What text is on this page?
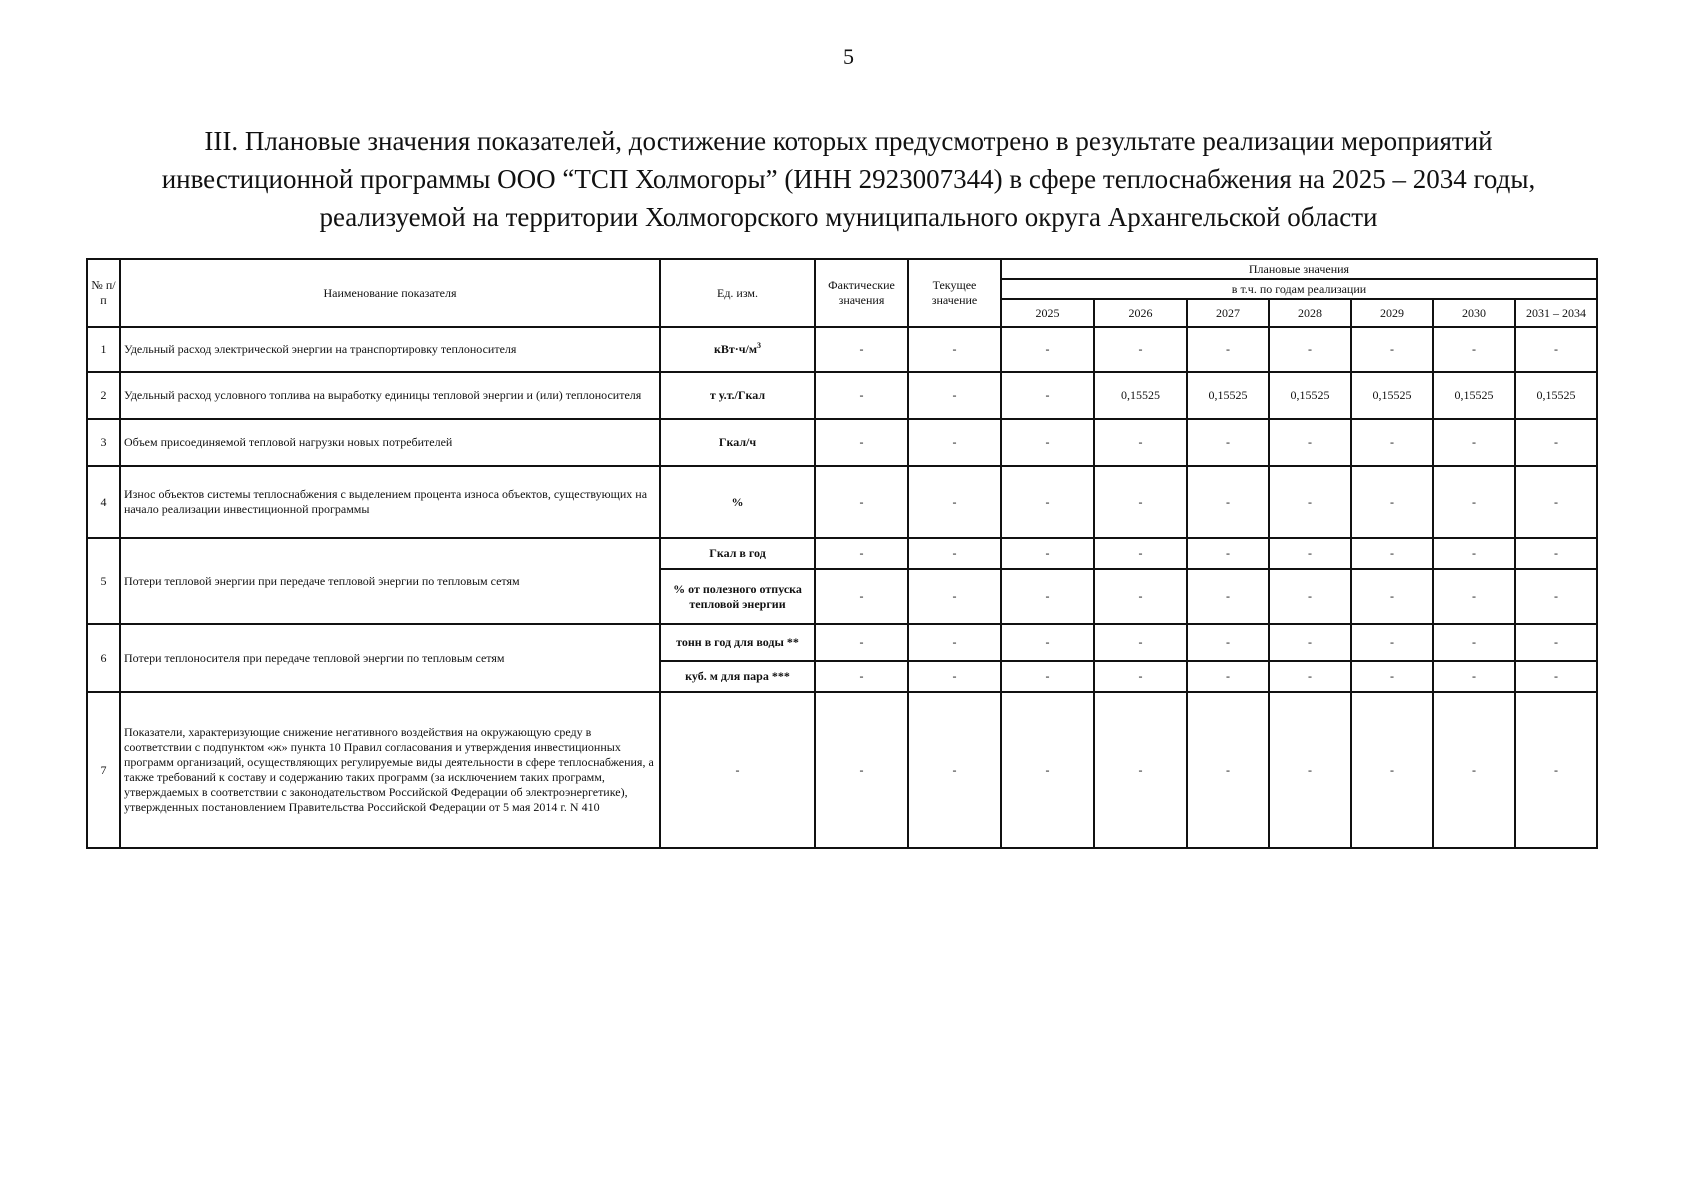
5
III. Плановые значения показателей, достижение которых предусмотрено в результате реализации мероприятий
инвестиционной программы ООО “ТСП Холмогоры” (ИНН 2923007344) в сфере теплоснабжения на 2025 – 2034 годы,
реализуемой на территории Холмогорского муниципального округа Архангельской области
№ п/п	Наименование показателя	Ед. изм.	Фактические значения	Текущее значение	Плановые значения						
					в т.ч. по годам реализации						
					2025	2026	2027	2028	2029	2030	2031 – 2034
1	Удельный расход электрической энергии на транспортировку теплоносителя	$кВт\cdot ч/м^3$	-	-	-	-	-	-	-	-	-
2	Удельный расход условного топлива на выработку единицы тепловой энергии и (или) теплоносителя	т у.т./Гкал	-	-	-	0,15525	0,15525	0,15525	0,15525	0,15525	0,15525
3	Объем присоединяемой тепловой нагрузки новых потребителей	Гкал/ч	-	-	-	-	-	-	-	-	-
4	Износ объектов системы теплоснабжения с выделением процента износа объектов, существующих на начало реализации инвестиционной программы	%	-	-	-	-	-	-	-	-	-
5	Потери тепловой энергии при передаче тепловой энергии по тепловым сетям	Гкал в год	-	-	-	-	-	-	-	-	-
		% от полезного отпуска тепловой энергии	-	-	-	-	-	-	-	-	-
6	Потери теплоносителя при передаче тепловой энергии по тепловым сетям	тонн в год для воды **	-	-	-	-	-	-	-	-	-
		куб. м для пара ***	-	-	-	-	-	-	-	-	-
7	Показатели, характеризующие снижение негативного воздействия на окружающую среду в соответствии с подпунктом «ж» пункта 10 Правил согласования и утверждения инвестиционных программ организаций, осуществляющих регулируемые виды деятельности в сфере теплоснабжения, а также требований к составу и содержанию таких программ (за исключением таких программ, утверждаемых в соответствии с законодательством Российской Федерации об электроэнергетике), утвержденных постановлением Правительства Российской Федерации от 5 мая 2014 г. N 410	-	-	-	-	-	-	-	-	-	-
